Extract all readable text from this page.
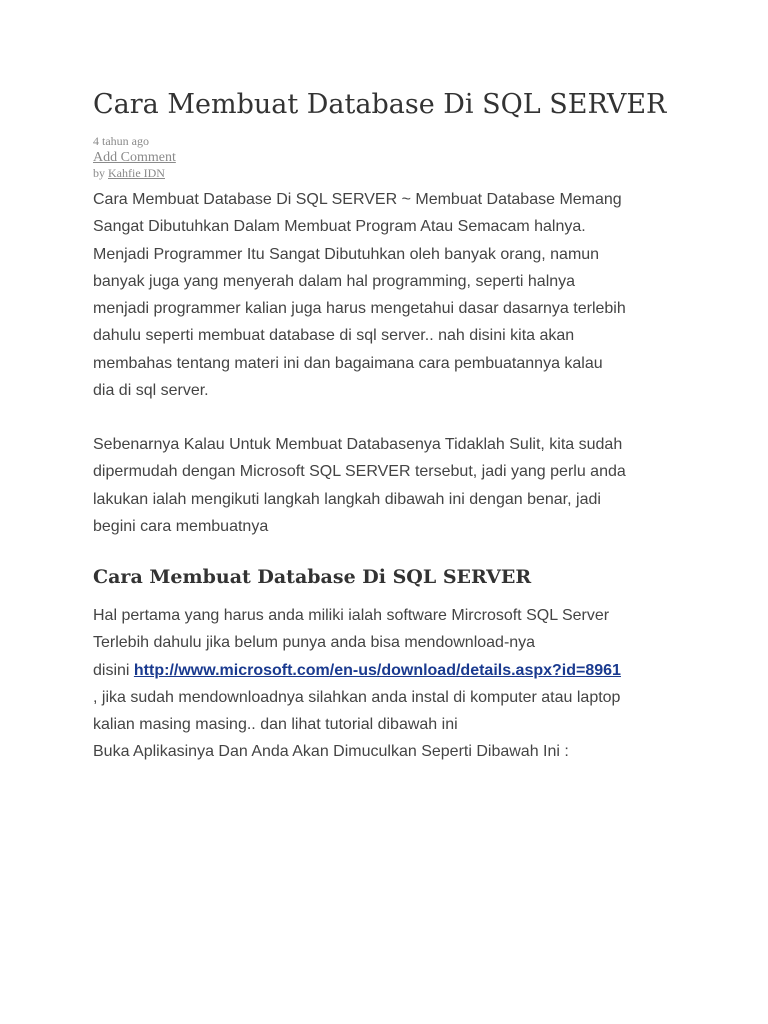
Cara Membuat Database Di SQL SERVER
4 tahun ago
Add Comment
by Kahfie IDN
Cara Membuat Database Di SQL SERVER ~ Membuat Database Memang
Sangat Dibutuhkan Dalam Membuat Program Atau Semacam halnya.
Menjadi Programmer Itu Sangat Dibutuhkan oleh banyak orang, namun
banyak juga yang menyerah dalam hal programming, seperti halnya
menjadi programmer kalian juga harus mengetahui dasar dasarnya terlebih
dahulu seperti membuat database di sql server.. nah disini kita akan
membahas tentang materi ini dan bagaimana cara pembuatannya kalau
dia di sql server.
Sebenarnya Kalau Untuk Membuat Databasenya Tidaklah Sulit, kita sudah
dipermudah dengan Microsoft SQL SERVER tersebut, jadi yang perlu anda
lakukan ialah mengikuti langkah langkah dibawah ini dengan benar, jadi
begini cara membuatnya
Cara Membuat Database Di SQL SERVER
Hal pertama yang harus anda miliki ialah software Mircrosoft SQL Server
Terlebih dahulu jika belum punya anda bisa mendownload-nya
disini http://www.microsoft.com/en-us/download/details.aspx?id=8961
, jika sudah mendownloadnya silahkan anda instal di komputer atau laptop
kalian masing masing.. dan lihat tutorial dibawah ini
Buka Aplikasinya Dan Anda Akan Dimuculkan Seperti Dibawah Ini :
